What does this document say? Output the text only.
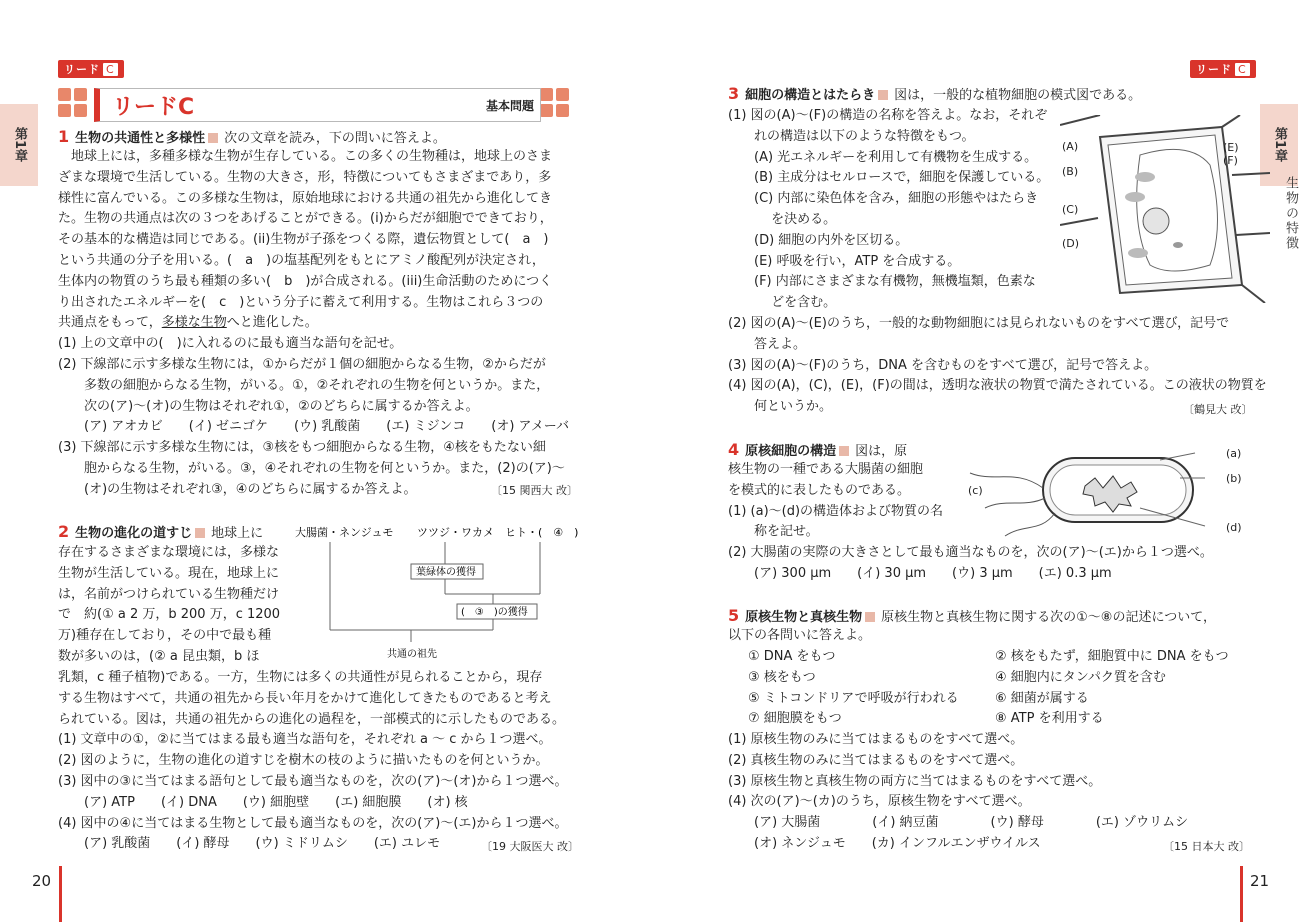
リード C
第1章
リードC	基本問題
1 生物の共通性と多様性 次の文章を読み，下の問いに答えよ。
地球上には，多種多様な生物が生存している。この多くの生物種は，地球上のさま
ざまな環境で生活している。生物の大きさ，形，特徴についてもさまざまであり，多
様性に富んでいる。この多様な生物は，原始地球における共通の祖先から進化してき
た。生物の共通点は次の３つをあげることができる。(i)からだが細胞でできており，
その基本的な構造は同じである。(ii)生物が子孫をつくる際，遺伝物質として(　a　)
という共通の分子を用いる。(　a　)の塩基配列をもとにアミノ酸配列が決定され，
生体内の物質のうち最も種類の多い(　b　)が合成される。(iii)生命活動のためにつく
り出されたエネルギーを(　c　)という分子に蓄えて利用する。生物はこれら３つの
共通点をもって，多様な生物へと進化した。
(1) 上の文章中の(　)に入れるのに最も適当な語句を記せ。
(2) 下線部に示す多様な生物には，①からだが１個の細胞からなる生物，②からだが
　　多数の細胞からなる生物，がいる。①，②それぞれの生物を何というか。また，
　　次の(ア)～(オ)の生物はそれぞれ①，②のどちらに属するか答えよ。
　　(ア) アオカビ　　(イ) ゼニゴケ　　(ウ) 乳酸菌　　(エ) ミジンコ　　(オ) アメーバ
(3) 下線部に示す多様な生物には，③核をもつ細胞からなる生物，④核をもたない細
　　胞からなる生物，がいる。③，④それぞれの生物を何というか。また，(2)の(ア)～
　　(オ)の生物はそれぞれ③，④のどちらに属するか答えよ。	〔15 関西大 改〕
2 生物の進化の道すじ 地球上に
存在するさまざまな環境には，多様な
生物が生活している。現在，地球上に
は，名前がつけられている生物種だけ
で　約(① a 2 万，b 200 万，c 1200
万)種存在しており，その中で最も種
数が多いのは，(② a 昆虫類，b ほ
乳類，c 種子植物)である。一方，生物には多くの共通性が見られることから，現存
する生物はすべて，共通の祖先から長い年月をかけて進化してきたものであると考え
られている。図は，共通の祖先からの進化の過程を，一部模式的に示したものである。
(1) 文章中の①，②に当てはまる最も適当な語句を，それぞれ a ～ c から１つ選べ。
(2) 図のように，生物の進化の道すじを樹木の枝のように描いたものを何というか。
(3) 図中の③に当てはまる語句として最も適当なものを，次の(ア)～(オ)から１つ選べ。
　　(ア) ATP　　(イ) DNA　　(ウ) 細胞壁　　(エ) 細胞膜　　(オ) 核
(4) 図中の④に当てはまる生物として最も適当なものを，次の(ア)～(エ)から１つ選べ。
　　(ア) 乳酸菌　　(イ) 酵母　　(ウ) ミドリムシ　　(エ) ユレモ	〔19 大阪医大 改〕
大腸菌・ネンジュモ ツツジ・ワカメ ヒト・(　④　)
葉緑体の獲得
(　③　)の獲得
共通の祖先
20
リード C
第1章
生物の特徴
3 細胞の構造とはたらき 図は，一般的な植物細胞の模式図である。
(1) 図の(A)～(F)の構造の名称を答えよ。なお，それぞ
　　れの構造は以下のような特徴をもつ。
　　(A) 光エネルギーを利用して有機物を生成する。
　　(B) 主成分はセルロースで，細胞を保護している。
　　(C) 内部に染色体を含み，細胞の形態やはたらき
　　　 を決める。
　　(D) 細胞の内外を区切る。
　　(E) 呼吸を行い，ATP を合成する。
　　(F) 内部にさまざまな有機物，無機塩類，色素な
　　　 どを含む。
(2) 図の(A)～(E)のうち，一般的な動物細胞には見られないものをすべて選び，記号で
　　答えよ。
(3) 図の(A)～(F)のうち，DNA を含むものをすべて選び，記号で答えよ。
(4) 図の(A)，(C)，(E)，(F)の間は，透明な液状の物質で満たされている。この液状の物質を
　　何というか。	〔鶴見大 改〕
(A)
(B)
(C)
(D)
(E)
(F)
4 原核細胞の構造 図は，原
核生物の一種である大腸菌の細胞
を模式的に表したものである。
(1) (a)～(d)の構造体および物質の名
　　称を記せ。
(2) 大腸菌の実際の大きさとして最も適当なものを，次の(ア)～(エ)から１つ選べ。
　　(ア) 300 μm　　(イ) 30 μm　　(ウ) 3 μm　　(エ) 0.3 μm
(a)
(b)
(c)
(d)
5 原核生物と真核生物 原核生物と真核生物に関する次の①～⑧の記述について，
以下の各問いに答えよ。
① DNA をもつ
③ 核をもつ
⑤ ミトコンドリアで呼吸が行われる
⑦ 細胞膜をもつ
② 核をもたず，細胞質中に DNA をもつ
④ 細胞内にタンパク質を含む
⑥ 細菌が属する
⑧ ATP を利用する
(1) 原核生物のみに当てはまるものをすべて選べ。
(2) 真核生物のみに当てはまるものをすべて選べ。
(3) 原核生物と真核生物の両方に当てはまるものをすべて選べ。
(4) 次の(ア)～(カ)のうち，原核生物をすべて選べ。
　　(ア) 大腸菌　　　　(イ) 納豆菌　　　　(ウ) 酵母　　　　(エ) ゾウリムシ
　　(オ) ネンジュモ　　(カ) インフルエンザウイルス	〔15 日本大 改〕
21
